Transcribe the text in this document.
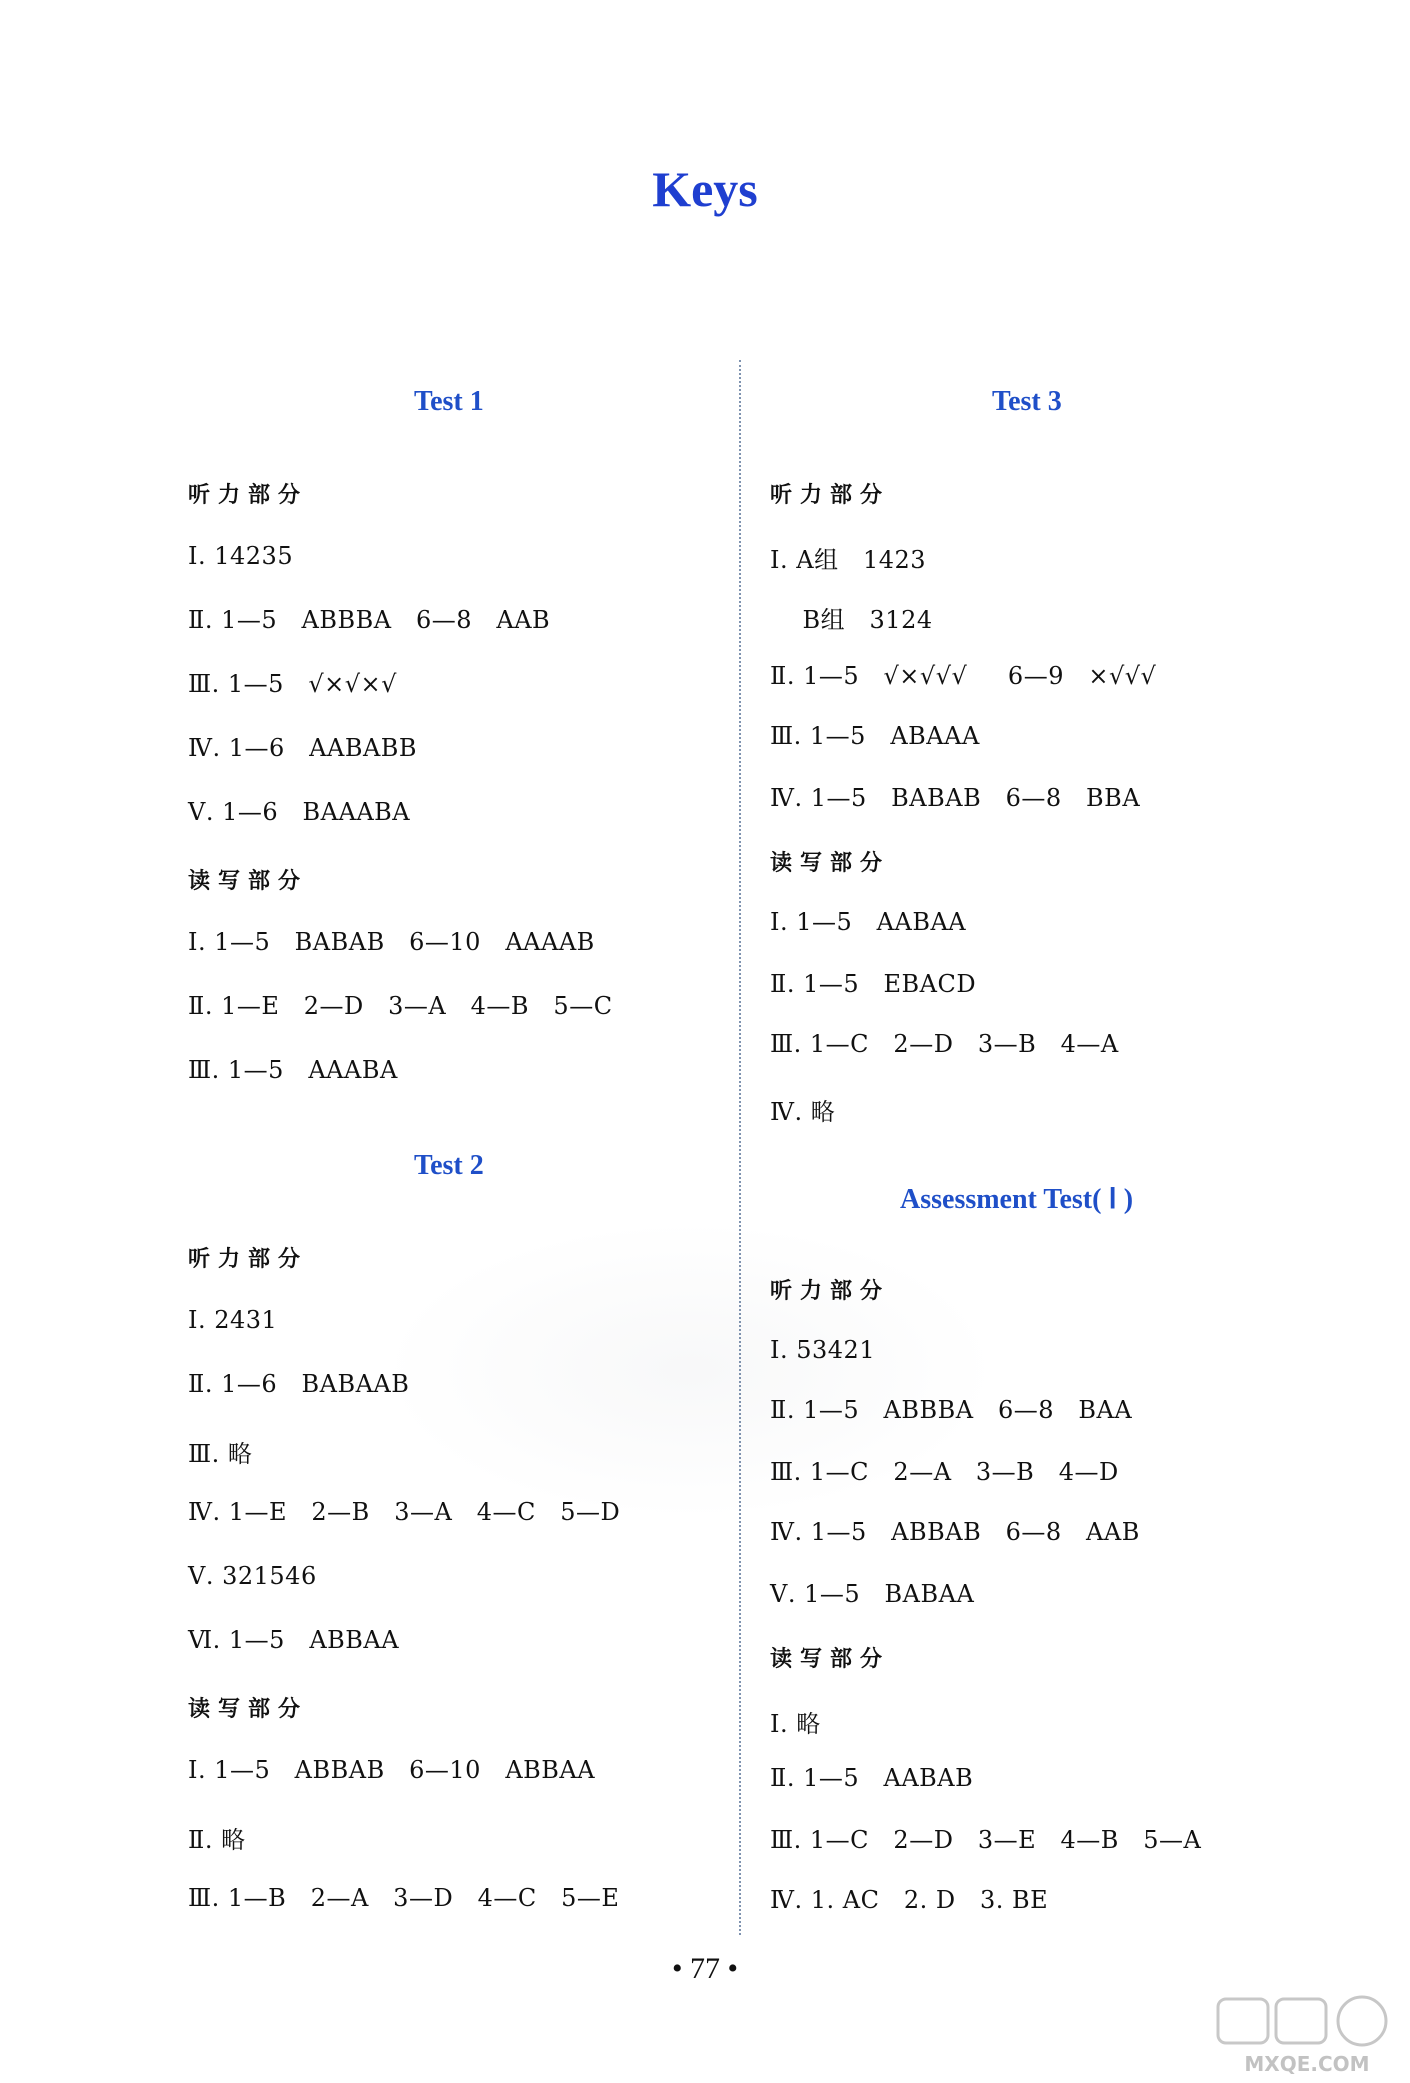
Keys
Test 1
听力部分
Ⅰ. 14235
Ⅱ. 1—5   ABBBA   6—8   AAB
Ⅲ. 1—5   √×√×√
Ⅳ. 1—6   AABABB
Ⅴ. 1—6   BAAABA
读写部分
Ⅰ. 1—5   BABAB   6—10   AAAAB
Ⅱ. 1—E   2—D   3—A   4—B   5—C
Ⅲ. 1—5   AAABA
Test 2
听力部分
Ⅰ. 2431
Ⅱ. 1—6   BABAAB
Ⅲ. 略
Ⅳ. 1—E   2—B   3—A   4—C   5—D
Ⅴ. 321546
Ⅵ. 1—5   ABBAA
读写部分
Ⅰ. 1—5   ABBAB   6—10   ABBAA
Ⅱ. 略
Ⅲ. 1—B   2—A   3—D   4—C   5—E
Test 3
听力部分
Ⅰ. A组   1423
B组   3124
Ⅱ. 1—5   √×√√√     6—9   ×√√√
Ⅲ. 1—5   ABAAA
Ⅳ. 1—5   BABAB   6—8   BBA
读写部分
Ⅰ. 1—5   AABAA
Ⅱ. 1—5   EBACD
Ⅲ. 1—C   2—D   3—B   4—A
Ⅳ. 略
Assessment Test( Ⅰ )
听力部分
Ⅰ. 53421
Ⅱ. 1—5   ABBBA   6—8   BAA
Ⅲ. 1—C   2—A   3—B   4—D
Ⅳ. 1—5   ABBAB   6—8   AAB
Ⅴ. 1—5   BABAA
读写部分
Ⅰ. 略
Ⅱ. 1—5   AABAB
Ⅲ. 1—C   2—D   3—E   4—B   5—A
Ⅳ. 1. AC   2. D   3. BE
• 77 •
MXQE.COM
